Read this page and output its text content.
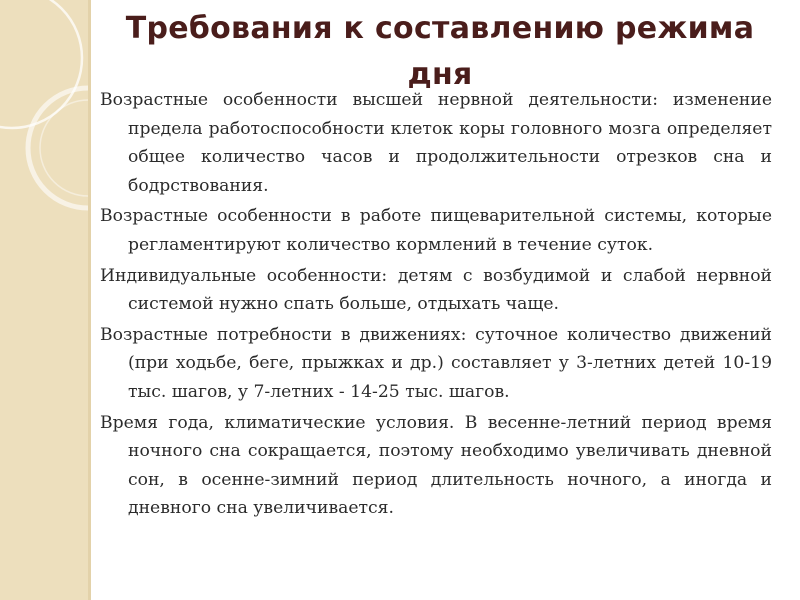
Требования к составлению режима дня

Возрастные особенности высшей нервной деятельности: изменение предела работоспособности клеток коры головного мозга определяет общее количество часов и продолжительности отрезков сна и бодрствования.

Возрастные особенности в работе пищеварительной системы, которые регламентируют количество кормлений в течение суток.

Индивидуальные особенности: детям с возбудимой и слабой нервной системой нужно спать больше, отдыхать чаще.

Возрастные потребности в движениях: суточное количество движений (при ходьбе, беге, прыжках и др.) составляет у 3-летних детей 10-19 тыс. шагов, у 7-летних - 14-25 тыс. шагов.

Время года, климатические условия. В весенне-летний период время ночного сна сокращается, поэтому необходимо увеличивать дневной сон, в осенне-зимний период длительность ночного, а иногда и дневного сна увеличивается.
